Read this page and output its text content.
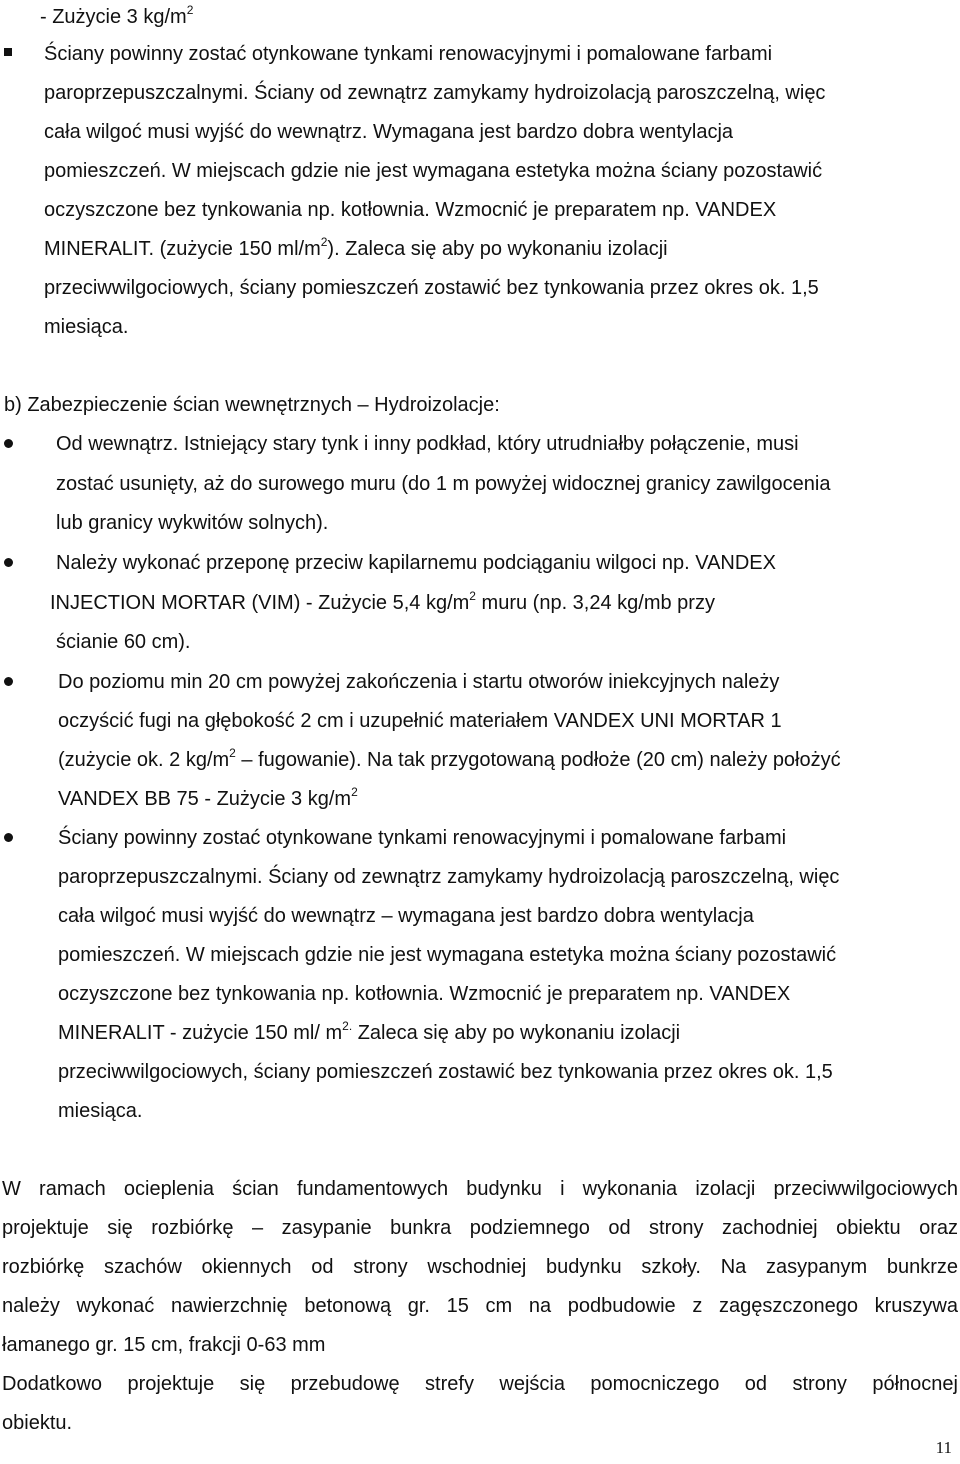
- Zużycie 3 $kg/m^2$
Ściany powinny zostać otynkowane tynkami renowacyjnymi i pomalowane farbami
paroprzepuszczalnymi. Ściany od zewnątrz zamykamy hydroizolacją paroszczelną, więc
cała wilgoć musi wyjść do wewnątrz. Wymagana jest bardzo dobra wentylacja
pomieszczeń. W miejscach gdzie nie jest wymagana estetyka można ściany pozostawić
oczyszczone bez tynkowania np. kotłownia. Wzmocnić je preparatem np. VANDEX
MINERALIT. (zużycie 150 $ml/m^2$). Zaleca się aby po wykonaniu izolacji
przeciwwilgociowych, ściany pomieszczeń zostawić bez tynkowania przez okres ok. 1,5
miesiąca.
b) Zabezpieczenie ścian wewnętrznych – Hydroizolacje:
Od wewnątrz. Istniejący stary tynk i inny podkład, który utrudniałby połączenie, musi
zostać usunięty, aż do surowego muru (do 1 m powyżej widocznej granicy zawilgocenia
lub granicy wykwitów solnych).
Należy wykonać przeponę przeciw kapilarnemu podciąganiu wilgoci np. VANDEX
INJECTION MORTAR (VIM) - Zużycie 5,4 $kg/m^2$ muru (np. 3,24 kg/mb przy
ścianie 60 cm).
Do poziomu min 20 cm powyżej zakończenia i startu otworów iniekcyjnych należy
oczyścić fugi na głębokość 2 cm i uzupełnić materiałem VANDEX UNI MORTAR 1
(zużycie ok. 2 $kg/m^2$ – fugowanie). Na tak przygotowaną podłoże (20 cm) należy położyć
VANDEX BB 75 - Zużycie 3 $kg/m^2$
Ściany powinny zostać otynkowane tynkami renowacyjnymi i pomalowane farbami
paroprzepuszczalnymi. Ściany od zewnątrz zamykamy hydroizolacją paroszczelną, więc
cała wilgoć musi wyjść do wewnątrz – wymagana jest bardzo dobra wentylacja
pomieszczeń. W miejscach gdzie nie jest wymagana estetyka można ściany pozostawić
oczyszczone bez tynkowania np. kotłownia. Wzmocnić je preparatem np. VANDEX
MINERALIT - zużycie 150 ml/ $m^{2.}$ Zaleca się aby po wykonaniu izolacji
przeciwwilgociowych, ściany pomieszczeń zostawić bez tynkowania przez okres ok. 1,5
miesiąca.
W ramach ocieplenia ścian fundamentowych budynku i wykonania izolacji przeciwwilgociowych
projektuje się rozbiórkę – zasypanie bunkra podziemnego od strony zachodniej obiektu oraz
rozbiórkę szachów okiennych od strony wschodniej budynku szkoły. Na zasypanym bunkrze
należy wykonać nawierzchnię betonową gr. 15 cm na podbudowie z zagęszczonego kruszywa
łamanego gr. 15 cm, frakcji 0-63 mm
Dodatkowo projektuje się przebudowę strefy wejścia pomocniczego od strony północnej
obiektu.
11
